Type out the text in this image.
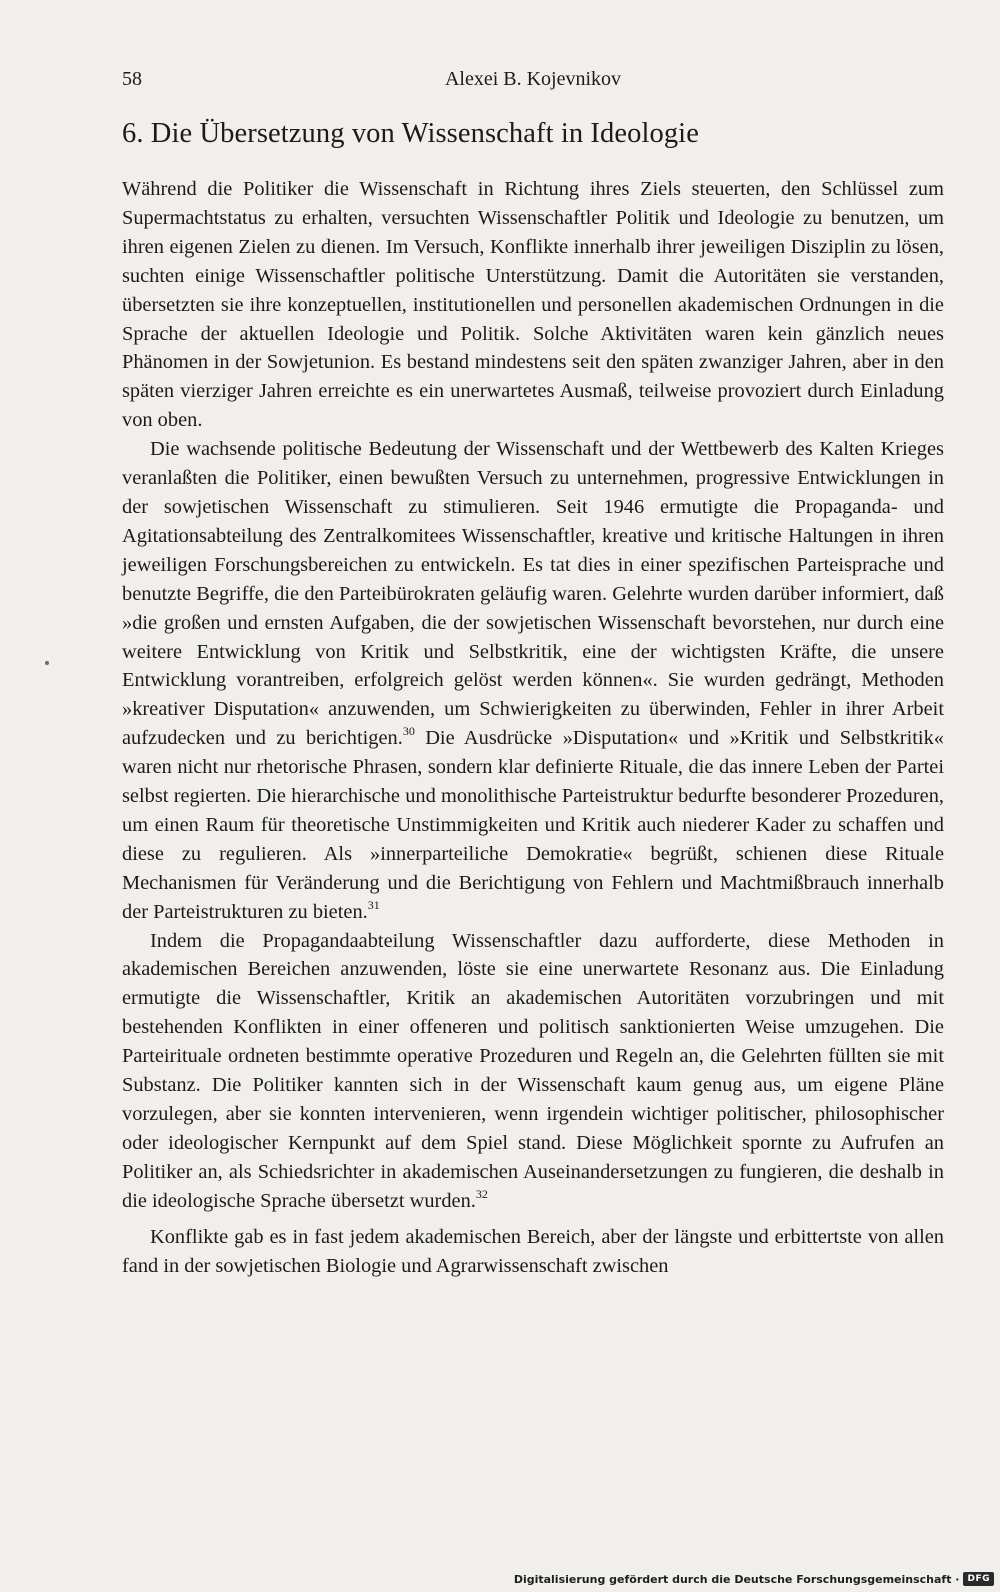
58	Alexei B. Kojevnikov
6. Die Übersetzung von Wissenschaft in Ideologie

Während die Politiker die Wissenschaft in Richtung ihres Ziels steuerten, den Schlüssel zum Supermachtstatus zu erhalten, versuchten Wissenschaftler Politik und Ideologie zu benutzen, um ihren eigenen Zielen zu dienen. Im Versuch, Konflikte innerhalb ihrer jeweiligen Disziplin zu lösen, suchten einige Wissenschaftler politische Unterstützung. Damit die Autoritäten sie verstanden, übersetzten sie ihre konzeptuellen, institutionellen und personellen akademischen Ordnungen in die Sprache der aktuellen Ideologie und Politik. Solche Aktivitäten waren kein gänzlich neues Phänomen in der Sowjetunion. Es bestand mindestens seit den späten zwanziger Jahren, aber in den späten vierziger Jahren erreichte es ein unerwartetes Ausmaß, teilweise provoziert durch Einladung von oben.

Die wachsende politische Bedeutung der Wissenschaft und der Wettbewerb des Kalten Krieges veranlaßten die Politiker, einen bewußten Versuch zu unternehmen, progressive Entwicklungen in der sowjetischen Wissenschaft zu stimulieren. Seit 1946 ermutigte die Propaganda- und Agitationsabteilung des Zentralkomitees Wissenschaftler, kreative und kritische Haltungen in ihren jeweiligen Forschungsbereichen zu entwickeln. Es tat dies in einer spezifischen Parteisprache und benutzte Begriffe, die den Parteibürokraten geläufig waren. Gelehrte wurden darüber informiert, daß »die großen und ernsten Aufgaben, die der sowjetischen Wissenschaft bevorstehen, nur durch eine weitere Entwicklung von Kritik und Selbstkritik, eine der wichtigsten Kräfte, die unsere Entwicklung vorantreiben, erfolgreich gelöst werden können«. Sie wurden gedrängt, Methoden »kreativer Disputation« anzuwenden, um Schwierigkeiten zu überwinden, Fehler in ihrer Arbeit aufzudecken und zu berichtigen.$^{30}$ Die Ausdrücke »Disputation« und »Kritik und Selbstkritik« waren nicht nur rhetorische Phrasen, sondern klar definierte Rituale, die das innere Leben der Partei selbst regierten. Die hierarchische und monolithische Parteistruktur bedurfte besonderer Prozeduren, um einen Raum für theoretische Unstimmigkeiten und Kritik auch niederer Kader zu schaffen und diese zu regulieren. Als »innerparteiliche Demokratie« begrüßt, schienen diese Rituale Mechanismen für Veränderung und die Berichtigung von Fehlern und Machtmißbrauch innerhalb der Parteistrukturen zu bieten.$^{31}$

Indem die Propagandaabteilung Wissenschaftler dazu aufforderte, diese Methoden in akademischen Bereichen anzuwenden, löste sie eine unerwartete Resonanz aus. Die Einladung ermutigte die Wissenschaftler, Kritik an akademischen Autoritäten vorzubringen und mit bestehenden Konflikten in einer offeneren und politisch sanktionierten Weise umzugehen. Die Parteirituale ordneten bestimmte operative Prozeduren und Regeln an, die Gelehrten füllten sie mit Substanz. Die Politiker kannten sich in der Wissenschaft kaum genug aus, um eigene Pläne vorzulegen, aber sie konnten intervenieren, wenn irgendein wichtiger politischer, philosophischer oder ideologischer Kernpunkt auf dem Spiel stand. Diese Möglichkeit spornte zu Aufrufen an Politiker an, als Schiedsrichter in akademischen Auseinandersetzungen zu fungieren, die deshalb in die ideologische Sprache übersetzt wurden.$^{32}$

Konflikte gab es in fast jedem akademischen Bereich, aber der längste und erbittertste von allen fand in der sowjetischen Biologie und Agrarwissenschaft zwischen

Digitalisierung gefördert durch die Deutsche Forschungsgemeinschaft · DFG
